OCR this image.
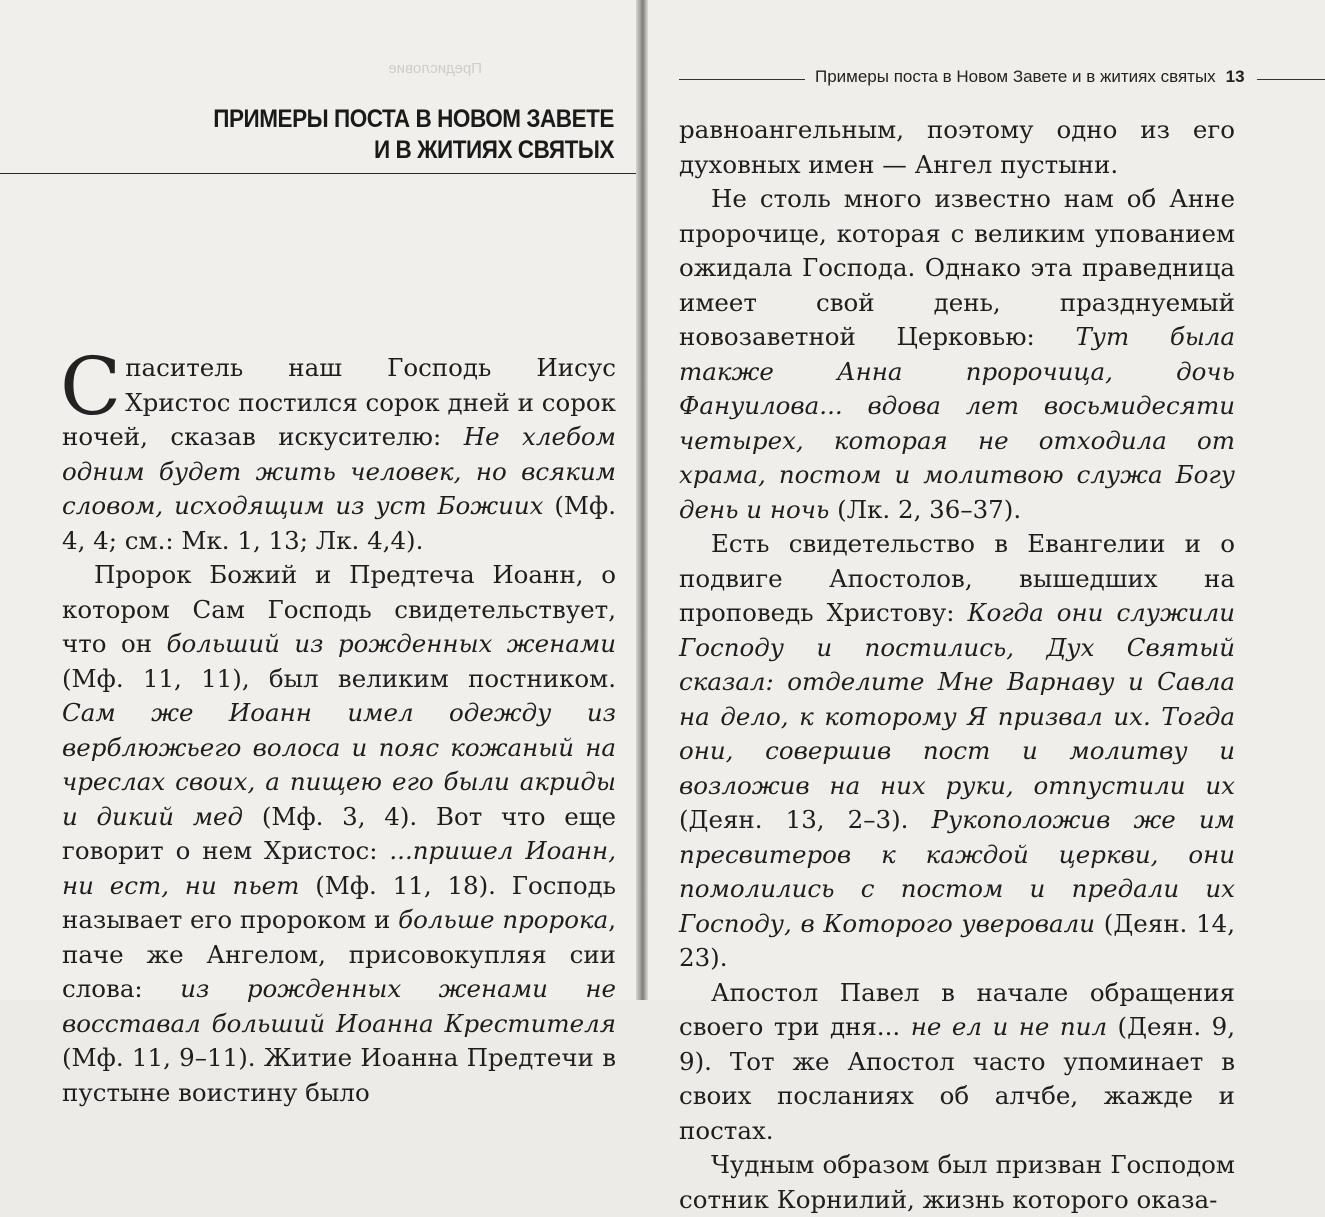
Предисловие
ПРИМЕРЫ ПОСТА В НОВОМ ЗАВЕТЕ
И В ЖИТИЯХ СВЯТЫХ

Спаситель наш Господь Иисус Христос постился сорок дней и сорок ночей, сказав искусителю: Не хлебом одним будет жить человек, но всяким словом, исходящим из уст Божиих (Мф. 4, 4; см.: Мк. 1, 13; Лк. 4,4).

Пророк Божий и Предтеча Иоанн, о котором Сам Господь свидетельствует, что он больший из рожденных женами (Мф. 11, 11), был великим постником. Сам же Иоанн имел одежду из верблюжьего волоса и пояс кожаный на чреслах своих, а пищею его были акриды и дикий мед (Мф. 3, 4). Вот что еще говорит о нем Христос: ...пришел Иоанн, ни ест, ни пьет (Мф. 11, 18). Господь называет его пророком и больше пророка, паче же Ангелом, присовокупляя сии слова: из рожденных женами не восставал больший Иоанна Крестителя (Мф. 11, 9–11). Житие Иоанна Предтечи в пустыне воистину было

Примеры поста в Новом Завете и в житиях святых 13

равноангельным, поэтому одно из его духовных имен — Ангел пустыни.

Не столь много известно нам об Анне пророчице, которая с великим упованием ожидала Господа. Однако эта праведница имеет свой день, празднуемый новозаветной Церковью: Тут была также Анна пророчица, дочь Фануилова... вдова лет восьмидесяти четырех, которая не отходила от храма, постом и молитвою служа Богу день и ночь (Лк. 2, 36–37).

Есть свидетельство в Евангелии и о подвиге Апостолов, вышедших на проповедь Христову: Когда они служили Господу и постились, Дух Святый сказал: отделите Мне Варнаву и Савла на дело, к которому Я призвал их. Тогда они, совершив пост и молитву и возложив на них руки, отпустили их (Деян. 13, 2–3). Рукоположив же им пресвитеров к каждой церкви, они помолились с постом и предали их Господу, в Которого уверовали (Деян. 14, 23).

Апостол Павел в начале обращения своего три дня... не ел и не пил (Деян. 9, 9). Тот же Апостол часто упоминает в своих посланиях об алчбе, жажде и постах.

Чудным образом был призван Господом сотник Корнилий, жизнь которого оказа-
